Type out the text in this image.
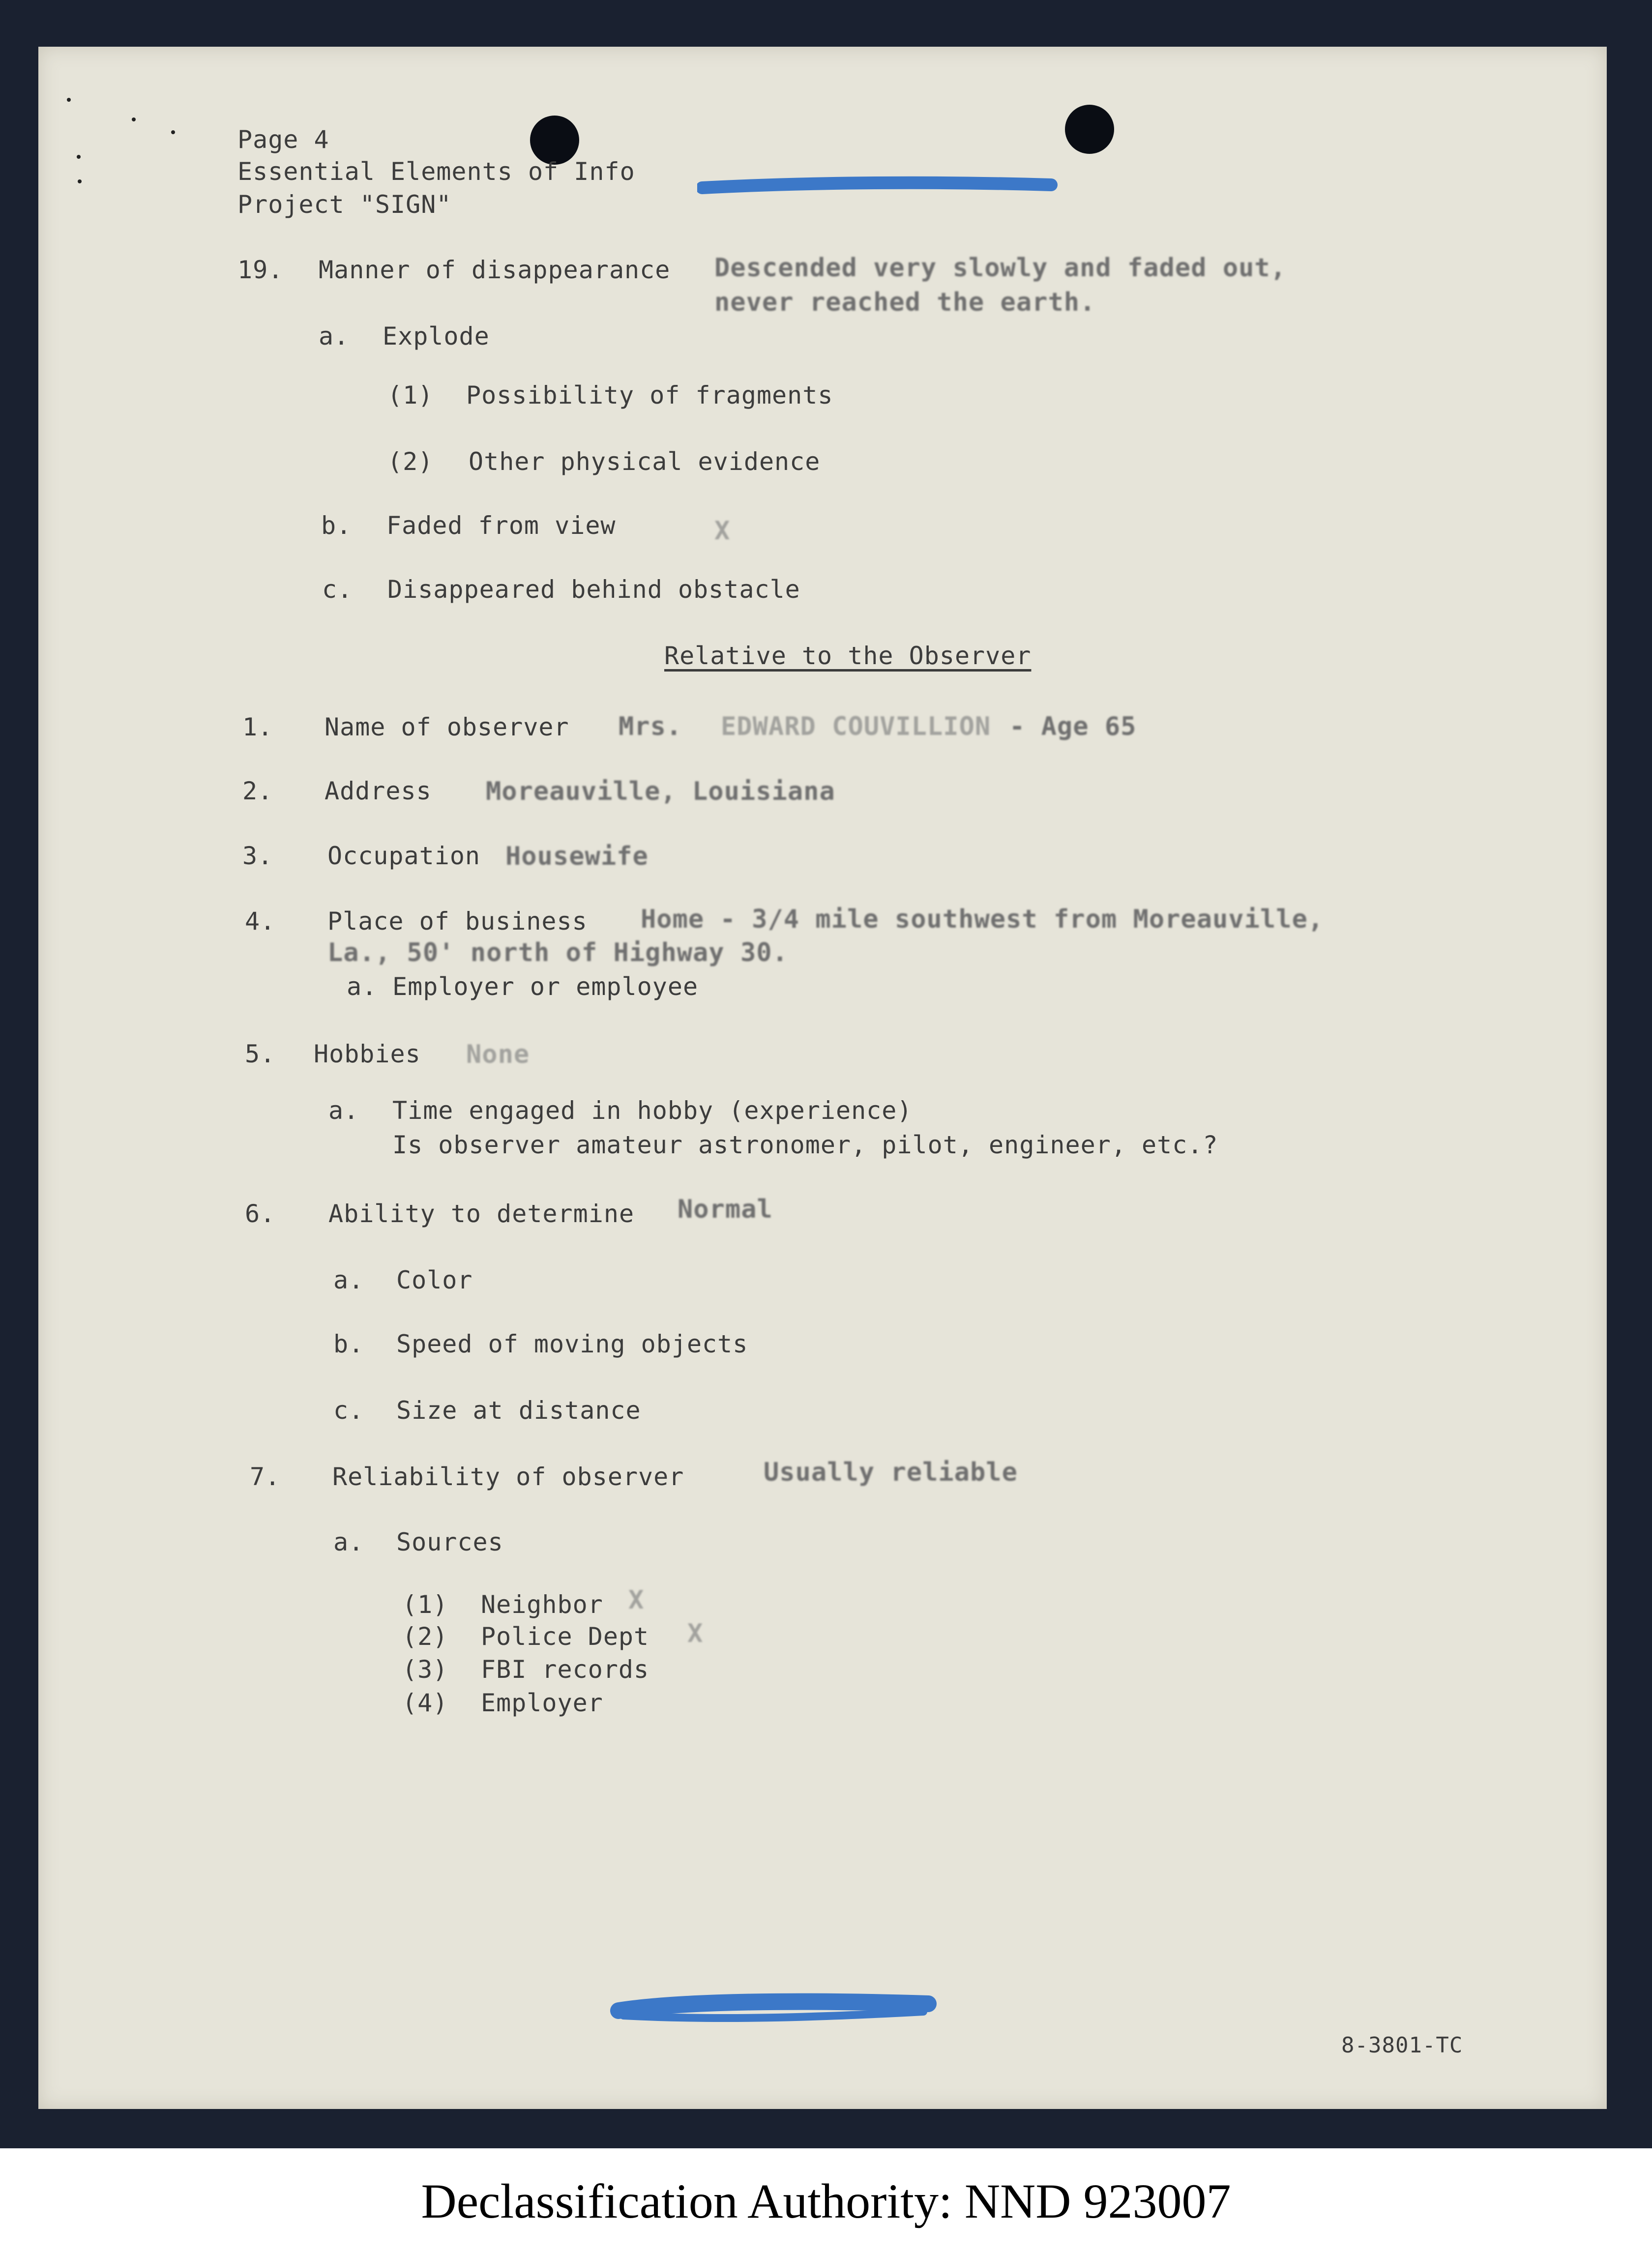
Page 4
Essential Elements of Info
Project "SIGN"
19. Manner of disappearance Descended very slowly and faded out,
never reached the earth.
a. Explode
(1) Possibility of fragments
(2) Other physical evidence
b. Faded from view	X
c. Disappeared behind obstacle
Relative to the Observer
1. Name of observer Mrs. EDWARD COUVILLION - Age 65
2. Address Moreauville, Louisiana
3. Occupation Housewife
4. Place of business Home - 3/4 mile southwest from Moreauville,
La., 50' north of Highway 30.
a. Employer or employee
5. Hobbies None
a. Time engaged in hobby (experience)
Is observer amateur astronomer, pilot, engineer, etc.?
6. Ability to determine Normal
a. Color
b. Speed of moving objects
c. Size at distance
7. Reliability of observer	Usually reliable
a. Sources
(1) Neighbor X
(2) Police Dept X
(3) FBI records
(4) Employer
8-3801-TC
Declassification Authority: NND 923007
